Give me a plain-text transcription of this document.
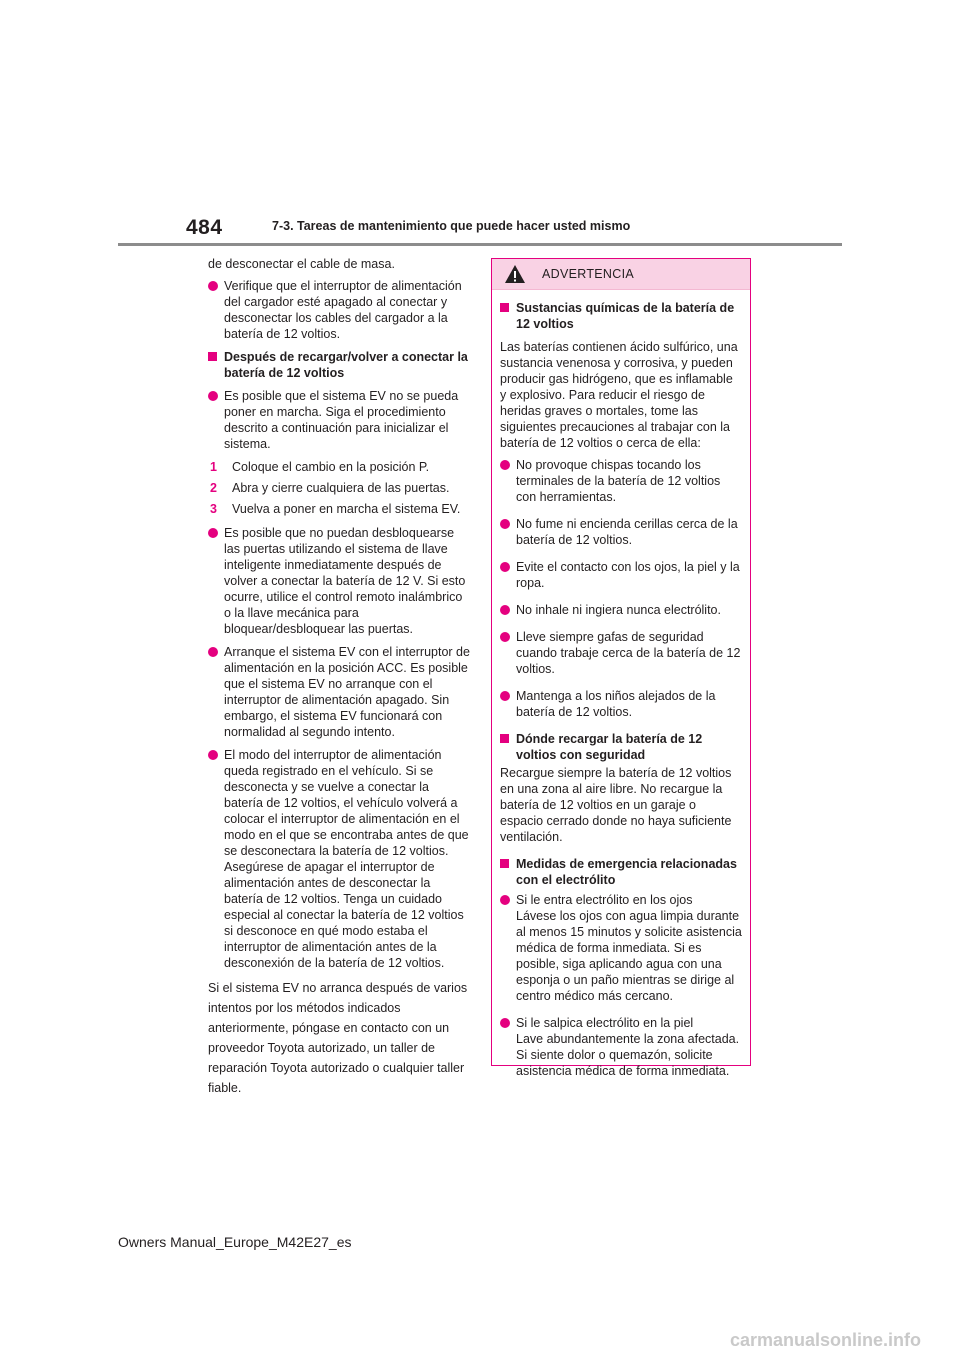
484	7-3. Tareas de mantenimiento que puede hacer usted mismo
de desconectar el cable de masa.
Verifique que el interruptor de alimentación del cargador esté apagado al conectar y desconectar los cables del cargador a la batería de 12 voltios.
Después de recargar/volver a conectar la batería de 12 voltios
Es posible que el sistema EV no se pueda poner en marcha. Siga el procedimiento descrito a continuación para inicializar el sistema.
1 Coloque el cambio en la posición P.
2 Abra y cierre cualquiera de las puertas.
3 Vuelva a poner en marcha el sistema EV.
Es posible que no puedan desbloquearse las puertas utilizando el sistema de llave inteligente inmediatamente después de volver a conectar la batería de 12 V. Si esto ocurre, utilice el control remoto inalámbrico o la llave mecánica para bloquear/desbloquear las puertas.
Arranque el sistema EV con el interruptor de alimentación en la posición ACC. Es posible que el sistema EV no arranque con el interruptor de alimentación apagado. Sin embargo, el sistema EV funcionará con normalidad al segundo intento.
El modo del interruptor de alimentación queda registrado en el vehículo. Si se desconecta y se vuelve a conectar la batería de 12 voltios, el vehículo volverá a colocar el interruptor de alimentación en el modo en el que se encontraba antes de que se desconectara la batería de 12 voltios. Asegúrese de apagar el interruptor de alimentación antes de desconectar la batería de 12 voltios. Tenga un cuidado especial al conectar la batería de 12 voltios si desconoce en qué modo estaba el interruptor de alimentación antes de la desconexión de la batería de 12 voltios.
Si el sistema EV no arranca después de varios intentos por los métodos indicados anteriormente, póngase en contacto con un proveedor Toyota autorizado, un taller de reparación Toyota autorizado o cualquier taller fiable.
ADVERTENCIA
Sustancias químicas de la batería de 12 voltios
Las baterías contienen ácido sulfúrico, una sustancia venenosa y corrosiva, y pueden producir gas hidrógeno, que es inflamable y explosivo. Para reducir el riesgo de heridas graves o mortales, tome las siguientes precauciones al trabajar con la batería de 12 voltios o cerca de ella:
No provoque chispas tocando los terminales de la batería de 12 voltios con herramientas.
No fume ni encienda cerillas cerca de la batería de 12 voltios.
Evite el contacto con los ojos, la piel y la ropa.
No inhale ni ingiera nunca electrólito.
Lleve siempre gafas de seguridad cuando trabaje cerca de la batería de 12 voltios.
Mantenga a los niños alejados de la batería de 12 voltios.
Dónde recargar la batería de 12 voltios con seguridad
Recargue siempre la batería de 12 voltios en una zona al aire libre. No recargue la batería de 12 voltios en un garaje o espacio cerrado donde no haya suficiente ventilación.
Medidas de emergencia relacionadas con el electrólito
Si le entra electrólito en los ojos
Lávese los ojos con agua limpia durante al menos 15 minutos y solicite asistencia médica de forma inmediata. Si es posible, siga aplicando agua con una esponja o un paño mientras se dirige al centro médico más cercano.
Si le salpica electrólito en la piel
Lave abundantemente la zona afectada. Si siente dolor o quemazón, solicite asistencia médica de forma inmediata.
Owners Manual_Europe_M42E27_es
carmanualsonline.info
